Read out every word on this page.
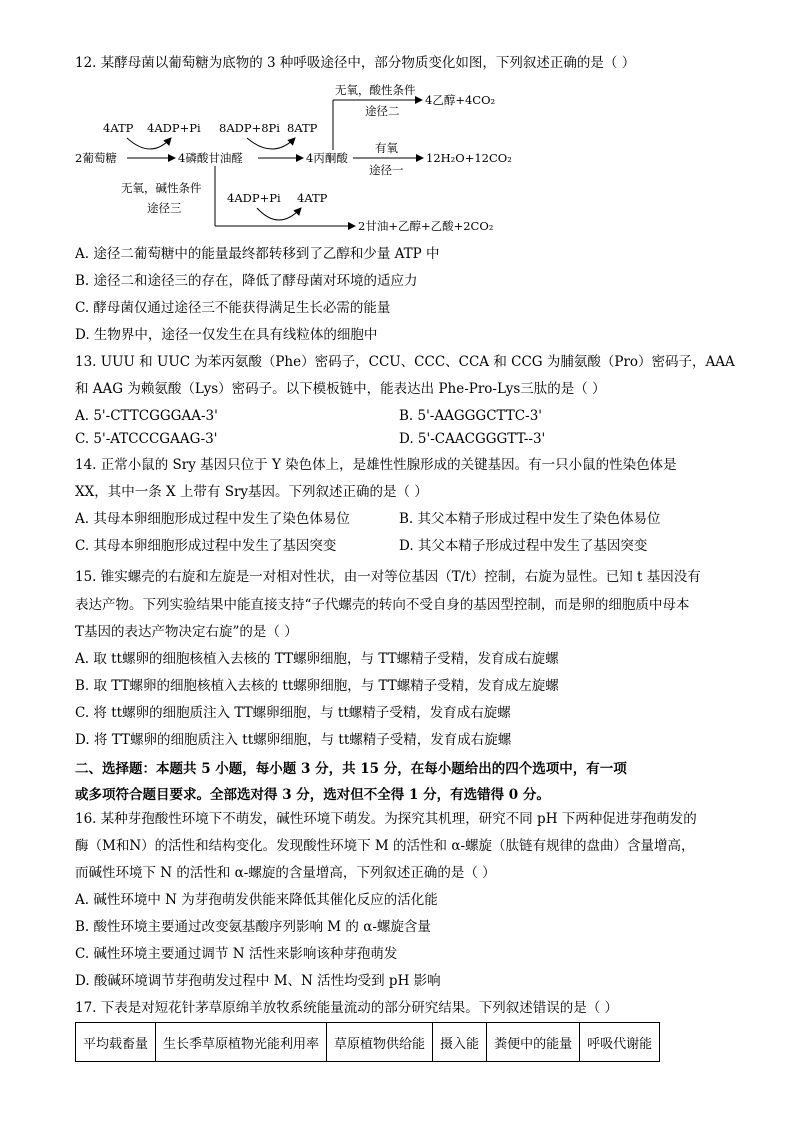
12. 某酵母菌以葡萄糖为底物的 3 种呼吸途径中，部分物质变化如图，下列叙述正确的是（ ）
2葡萄糖	4磷酸甘油醛	4丙酮酸
4ATP 4ADP+Pi 8ADP+8Pi 8ATP
无氧，酸性条件
途径二
4乙醇+4CO₂
有氧
途径一
12H₂O+12CO₂
无氧，碱性条件
途径三
4ADP+Pi 4ATP
2甘油+乙醇+乙酸+2CO₂
A. 途径二葡萄糖中的能量最终都转移到了乙醇和少量 ATP 中
B. 途径二和途径三的存在，降低了酵母菌对环境的适应力
C. 酵母菌仅通过途径三不能获得满足生长必需的能量
D. 生物界中，途径一仅发生在具有线粒体的细胞中
13. UUU 和 UUC 为苯丙氨酸（Phe）密码子，CCU、CCC、CCA 和 CCG 为脯氨酸（Pro）密码子，AAA
和 AAG 为赖氨酸（Lys）密码子。以下模板链中，能表达出 Phe-Pro-Lys三肽的是（ ）
A. 5'-CTTCGGGAA-3'	B. 5'-AAGGGCTTC-3'
C. 5'-ATCCCGAAG-3'	D. 5'-CAACGGGTT--3'
14. 正常小鼠的 Sry 基因只位于 Y 染色体上，是雄性性腺形成的关键基因。有一只小鼠的性染色体是
XX，其中一条 X 上带有 Sry基因。下列叙述正确的是（ ）
A. 其母本卵细胞形成过程中发生了染色体易位	B. 其父本精子形成过程中发生了染色体易位
C. 其母本卵细胞形成过程中发生了基因突变	D. 其父本精子形成过程中发生了基因突变
15. 锥实螺壳的右旋和左旋是一对相对性状，由一对等位基因（T/t）控制，右旋为显性。已知 t 基因没有
表达产物。下列实验结果中能直接支持“子代螺壳的转向不受自身的基因型控制，而是卵的细胞质中母本
T基因的表达产物决定右旋”的是（ ）
A. 取 tt螺卵的细胞核植入去核的 TT螺卵细胞，与 TT螺精子受精，发育成右旋螺
B. 取 TT螺卵的细胞核植入去核的 tt螺卵细胞，与 TT螺精子受精，发育成左旋螺
C. 将 tt螺卵的细胞质注入 TT螺卵细胞，与 tt螺精子受精，发育成右旋螺
D. 将 TT螺卵的细胞质注入 tt螺卵细胞，与 tt螺精子受精，发育成右旋螺
二、选择题：本题共 5 小题，每小题 3 分，共 15 分，在每小题给出的四个选项中，有一项
或多项符合题目要求。全部选对得 3 分，选对但不全得 1 分，有选错得 0 分。
16. 某种芽孢酸性环境下不萌发，碱性环境下萌发。为探究其机理，研究不同 pH 下两种促进芽孢萌发的
酶（M和N）的活性和结构变化。发现酸性环境下 M 的活性和 α-螺旋（肽链有规律的盘曲）含量增高，
而碱性环境下 N 的活性和 α-螺旋的含量增高，下列叙述正确的是（ ）
A. 碱性环境中 N 为芽孢萌发供能来降低其催化反应的活化能
B. 酸性环境主要通过改变氨基酸序列影响 M 的 α-螺旋含量
C. 碱性环境主要通过调节 N 活性来影响该种芽孢萌发
D. 酸碱环境调节芽孢萌发过程中 M、N 活性均受到 pH 影响
17. 下表是对短花针茅草原绵羊放牧系统能量流动的部分研究结果。下列叙述错误的是（ ）
平均载畜量	生长季草原植物光能利用率	草原植物供给能	摄入能	粪便中的能量	呼吸代谢能
